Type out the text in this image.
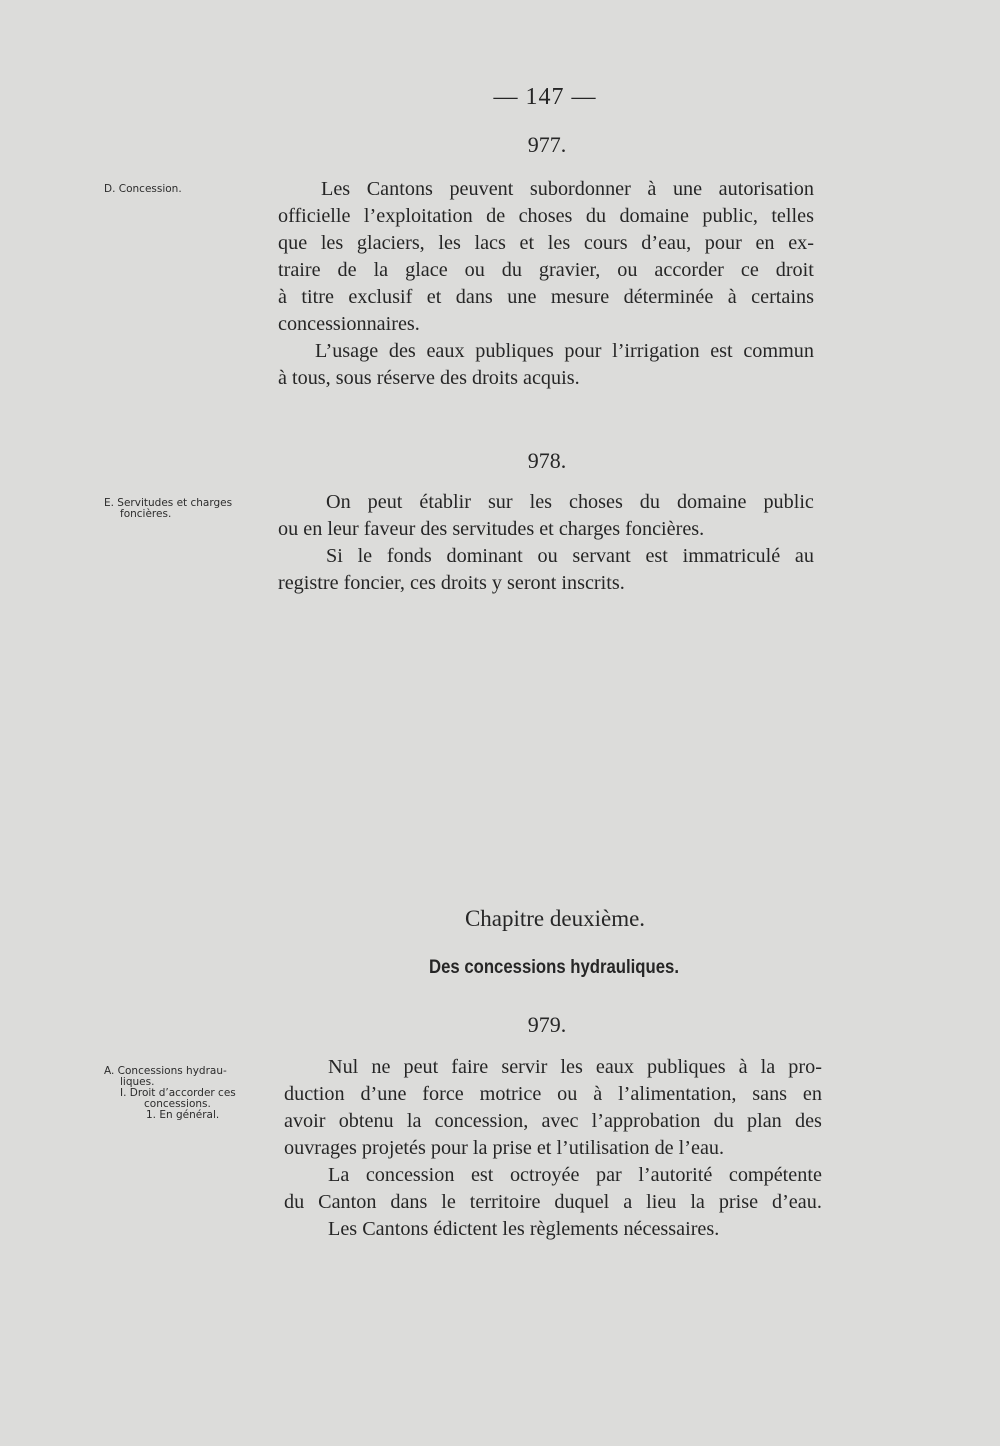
— 147 —
977.
D. Concession.	Les Cantons peuvent subordonner à une autorisation
officielle l’exploitation de choses du domaine public, telles
que les glaciers, les lacs et les cours d’eau, pour en ex-
traire de la glace ou du gravier, ou accorder ce droit
à titre exclusif et dans une mesure déterminée à certains
concessionnaires.
L’usage des eaux publiques pour l’irrigation est commun
à tous, sous réserve des droits acquis.
978.
E. Servitudes et charges
foncières.
On peut établir sur les choses du domaine public
ou en leur faveur des servitudes et charges foncières.
Si le fonds dominant ou servant est immatriculé au
registre foncier, ces droits y seront inscrits.
Chapitre deuxième.
Des concessions hydrauliques.
979.
A. Concessions hydrau-
liques.
I. Droit d’accorder ces
concessions.
1. En général.
Nul ne peut faire servir les eaux publiques à la pro-
duction d’une force motrice ou à l’alimentation, sans en
avoir obtenu la concession, avec l’approbation du plan des
ouvrages projetés pour la prise et l’utilisation de l’eau.
La concession est octroyée par l’autorité compétente
du Canton dans le territoire duquel a lieu la prise d’eau.
Les Cantons édictent les règlements nécessaires.
